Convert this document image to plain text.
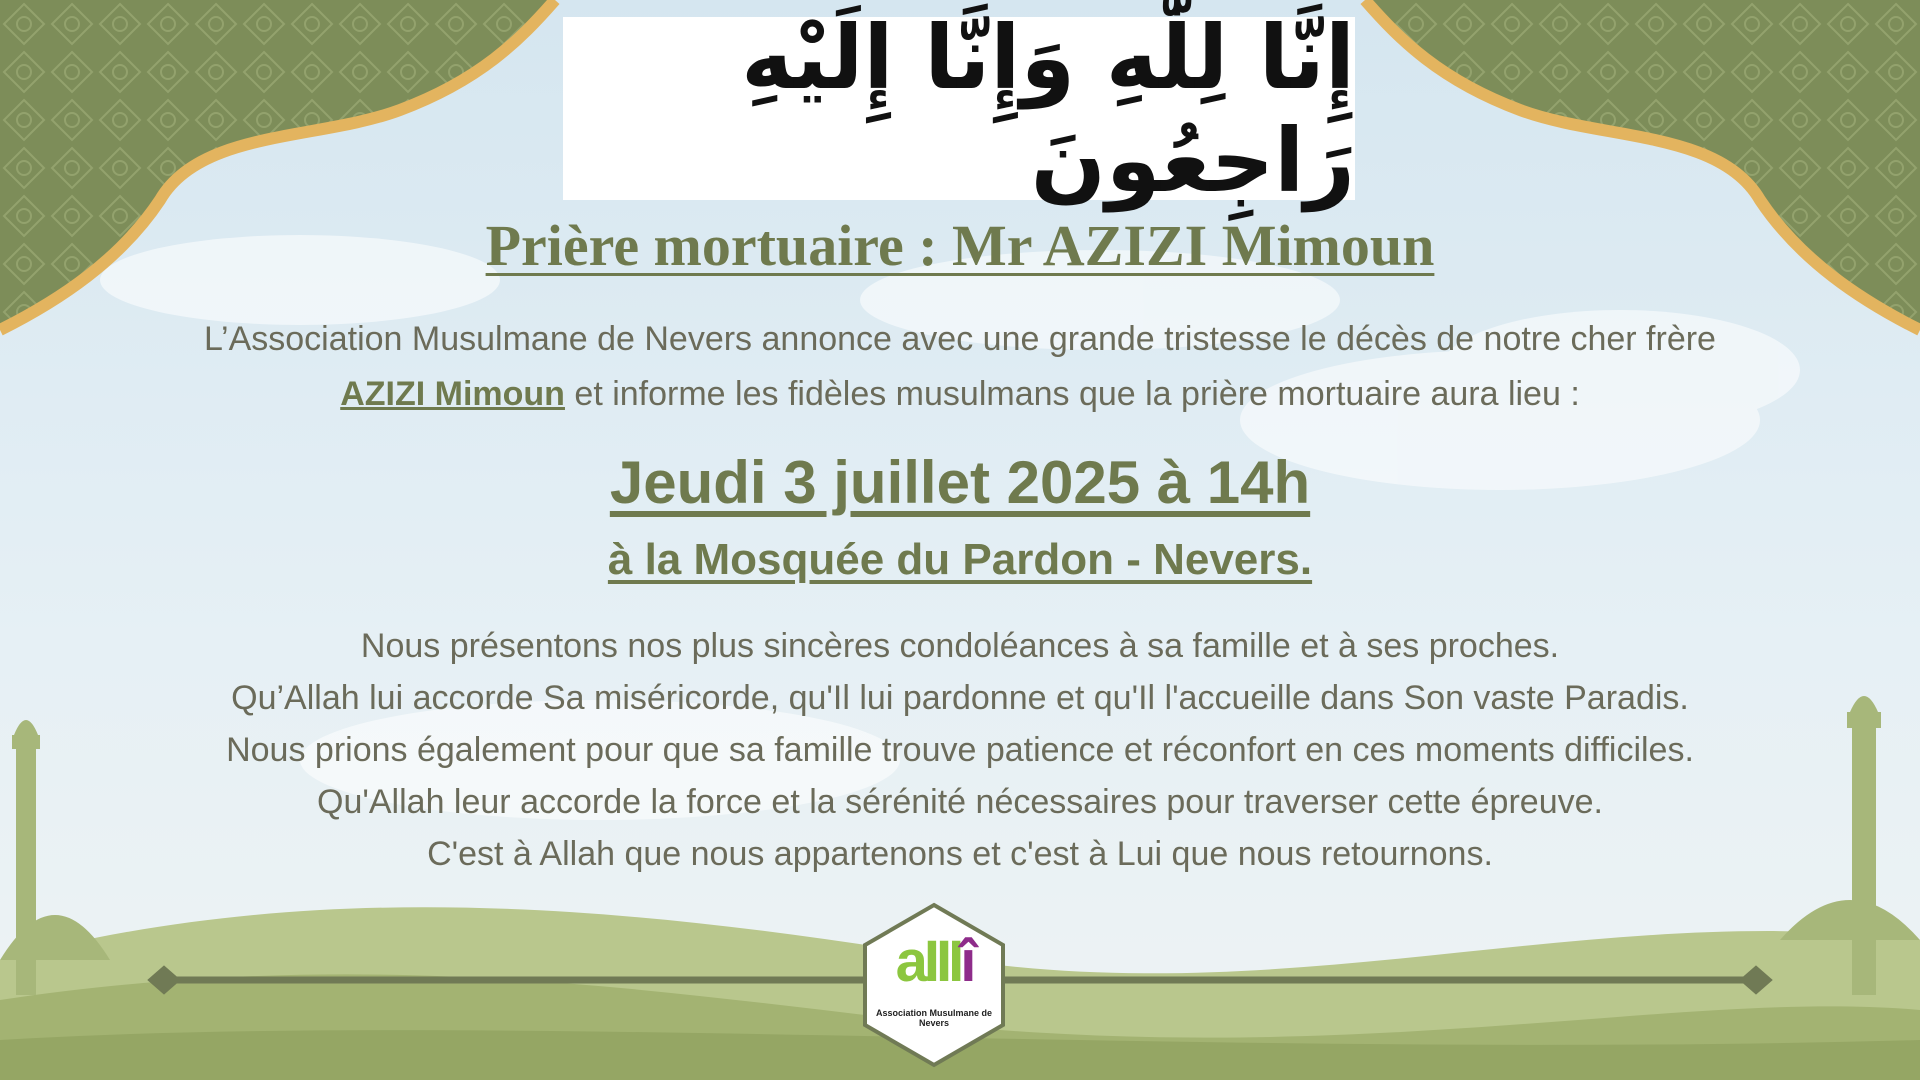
إِنَّا لِلَّٰهِ وَإِنَّا إِلَيْهِ رَاجِعُونَ
Prière mortuaire : Mr AZIZI Mimoun
L’Association Musulmane de Nevers annonce avec une grande tristesse le décès de notre cher frère
AZIZI Mimoun et informe les fidèles musulmans que la prière mortuaire aura lieu :
Jeudi 3 juillet 2025 à 14h
à la Mosquée du Pardon - Nevers.
Nous présentons nos plus sincères condoléances à sa famille et à ses proches.
Qu’Allah lui accorde Sa miséricorde, qu'Il lui pardonne et qu'Il l'accueille dans Son vaste Paradis.
Nous prions également pour que sa famille trouve patience et réconfort en ces moments difficiles.
Qu'Allah leur accorde la force et la sérénité nécessaires pour traverser cette épreuve.
C'est à Allah que nous appartenons et c'est à Lui que nous retournons.
aIIIî
Association Musulmane de Nevers
